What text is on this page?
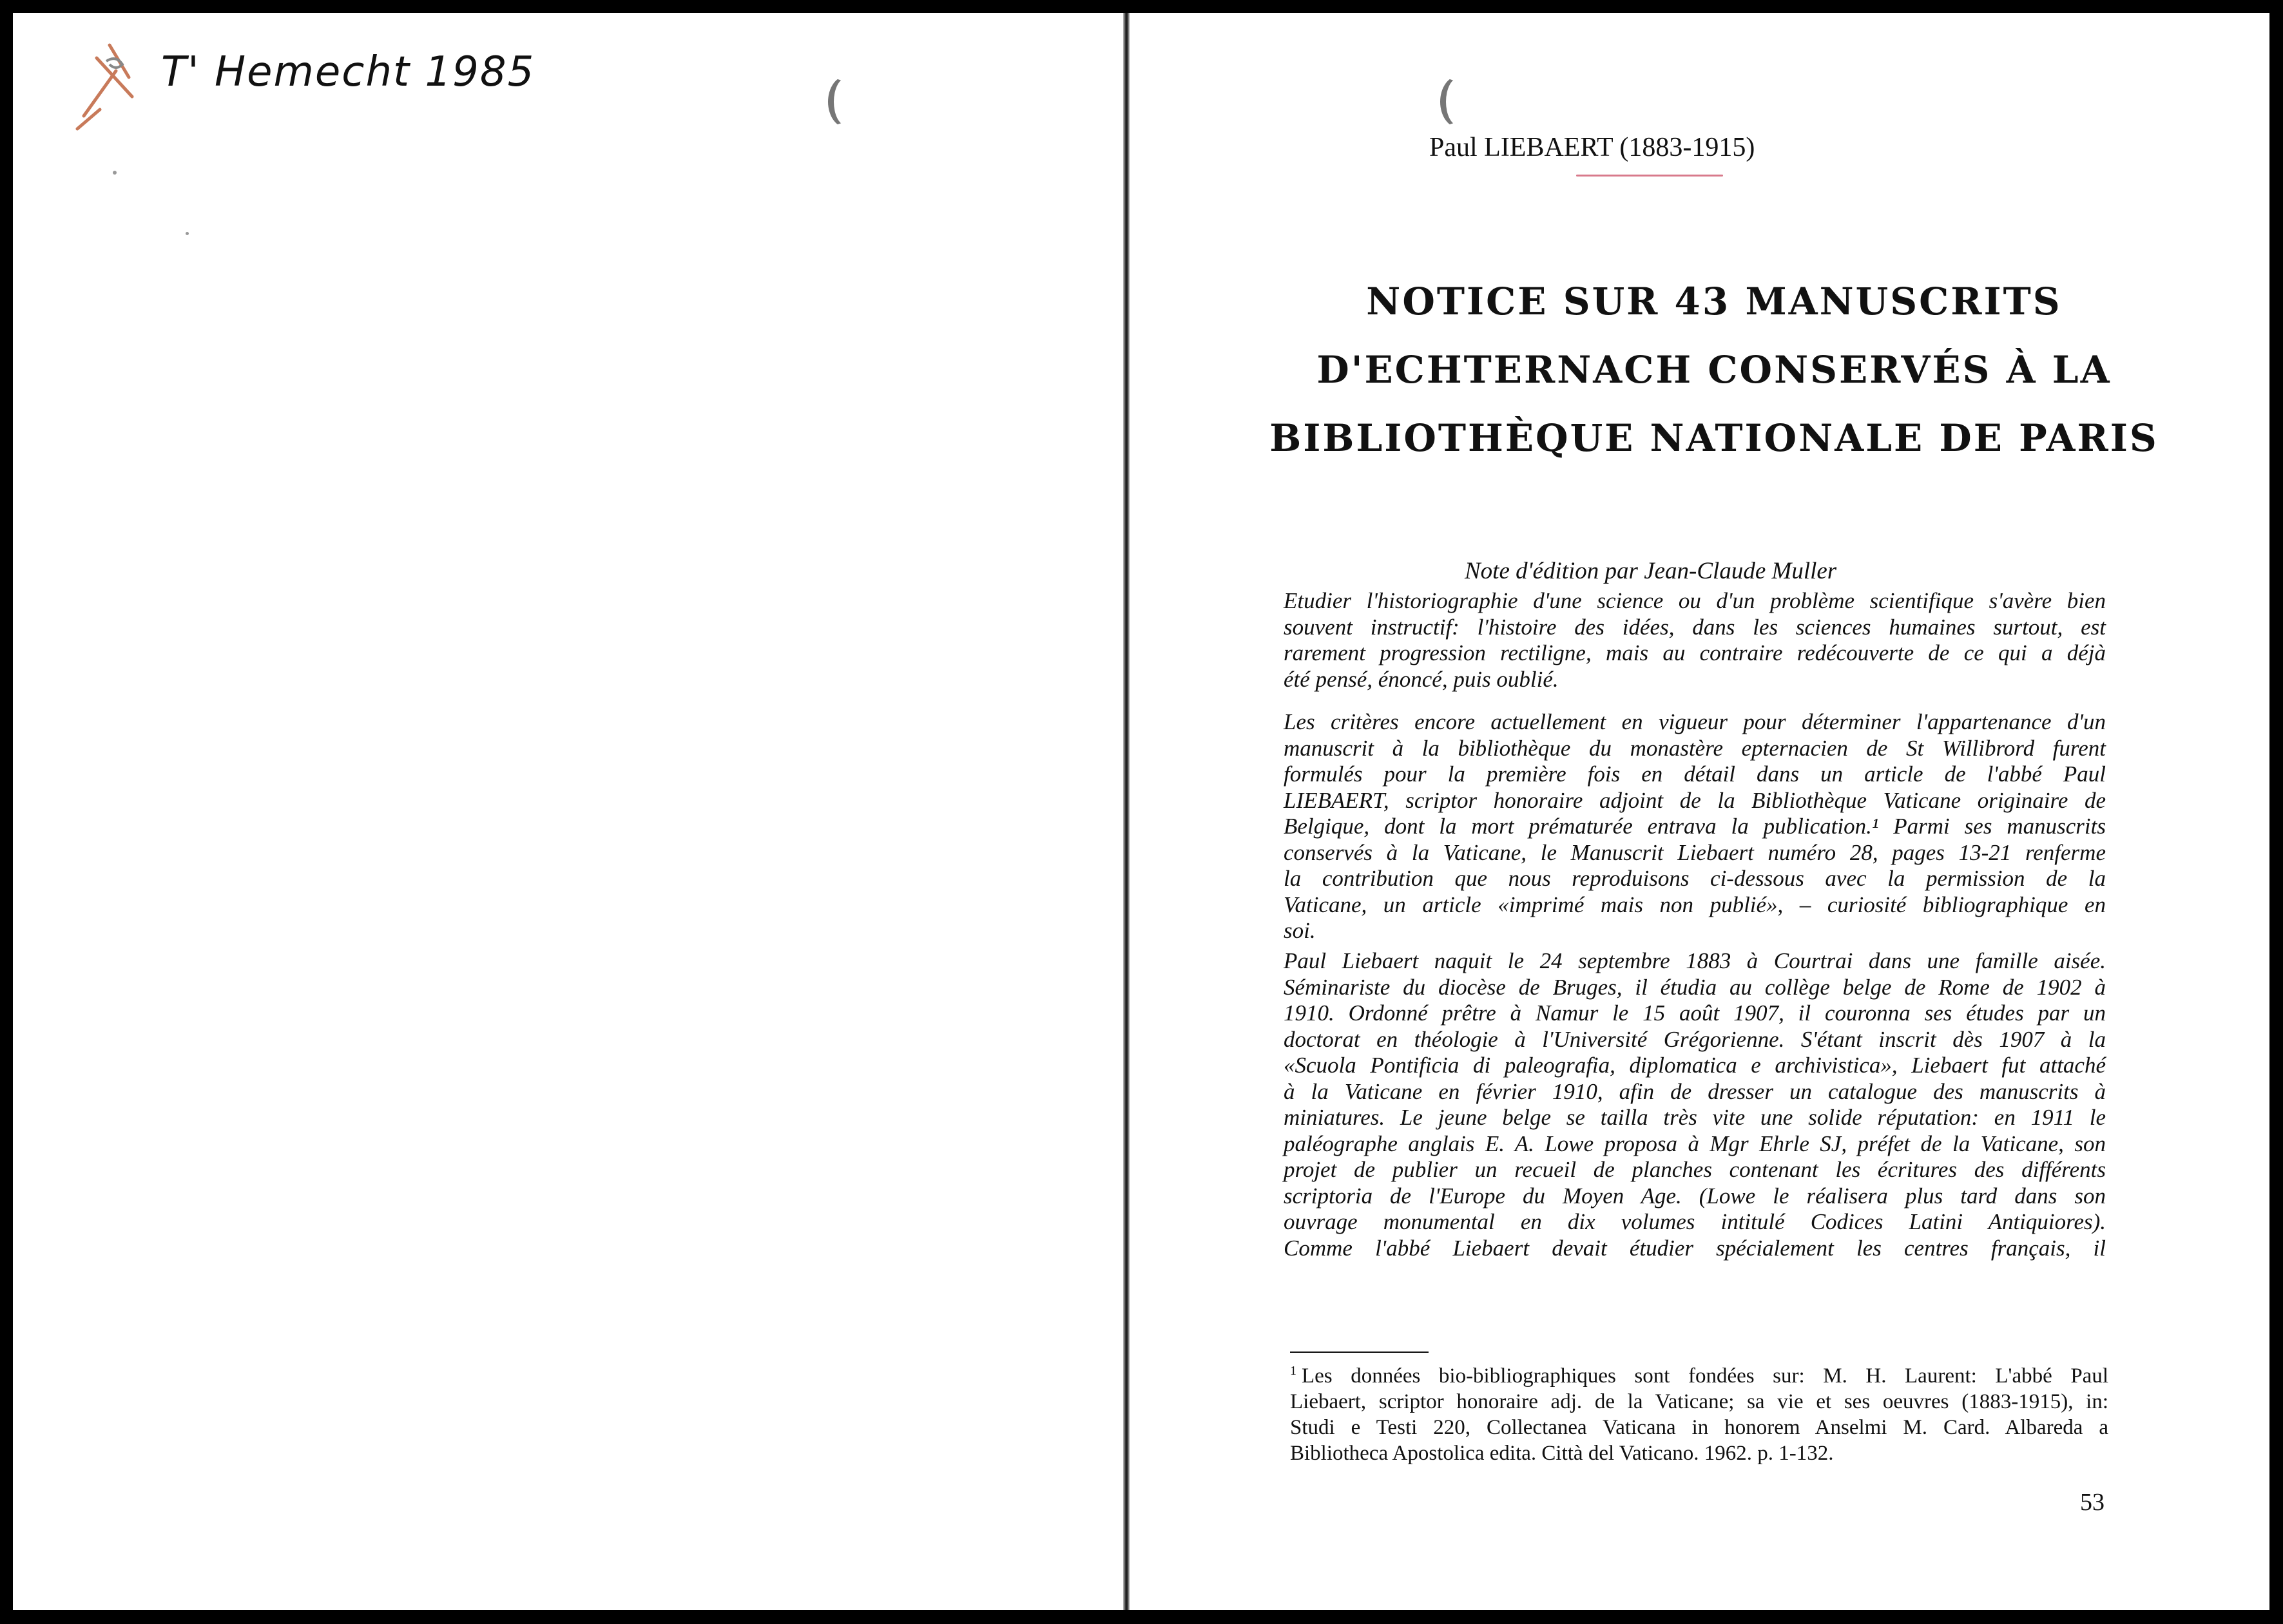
T' Hemecht 1985
Paul LIEBAERT (1883-1915)
NOTICE SUR 43 MANUSCRITS
D'ECHTERNACH CONSERVÉS À LA
BIBLIOTHÈQUE NATIONALE DE PARIS
Note d'édition par Jean-Claude Muller

Etudier l'historiographie d'une science ou d'un problème scientifique s'avère bien
souvent instructif: l'histoire des idées, dans les sciences humaines surtout, est
rarement progression rectiligne, mais au contraire redécouverte de ce qui a déjà
été pensé, énoncé, puis oublié.

Les critères encore actuellement en vigueur pour déterminer l'appartenance d'un
manuscrit à la bibliothèque du monastère epternacien de St Willibrord furent
formulés pour la première fois en détail dans un article de l'abbé Paul
LIEBAERT, scriptor honoraire adjoint de la Bibliothèque Vaticane originaire de
Belgique, dont la mort prématurée entrava la publication.¹ Parmi ses manuscrits
conservés à la Vaticane, le Manuscrit Liebaert numéro 28, pages 13-21 renferme
la contribution que nous reproduisons ci-dessous avec la permission de la
Vaticane, un article «imprimé mais non publié», – curiosité bibliographique en
soi.

Paul Liebaert naquit le 24 septembre 1883 à Courtrai dans une famille aisée.
Séminariste du diocèse de Bruges, il étudia au collège belge de Rome de 1902 à
1910. Ordonné prêtre à Namur le 15 août 1907, il couronna ses études par un
doctorat en théologie à l'Université Grégorienne. S'étant inscrit dès 1907 à la
«Scuola Pontificia di paleografia, diplomatica e archivistica», Liebaert fut attaché
à la Vaticane en février 1910, afin de dresser un catalogue des manuscrits à
miniatures. Le jeune belge se tailla très vite une solide réputation: en 1911 le
paléographe anglais E. A. Lowe proposa à Mgr Ehrle SJ, préfet de la Vaticane, son
projet de publier un recueil de planches contenant les écritures des différents
scriptoria de l'Europe du Moyen Age. (Lowe le réalisera plus tard dans son
ouvrage monumental en dix volumes intitulé Codices Latini Antiquiores).
Comme l'abbé Liebaert devait étudier spécialement les centres français, il

$^1$ Les données bio-bibliographiques sont fondées sur: M. H. Laurent: L'abbé Paul
Liebaert, scriptor honoraire adj. de la Vaticane; sa vie et ses oeuvres (1883-1915), in:
Studi e Testi 220, Collectanea Vaticana in honorem Anselmi M. Card. Albareda a
Bibliotheca Apostolica edita. Città del Vaticano. 1962. p. 1-132.

53
